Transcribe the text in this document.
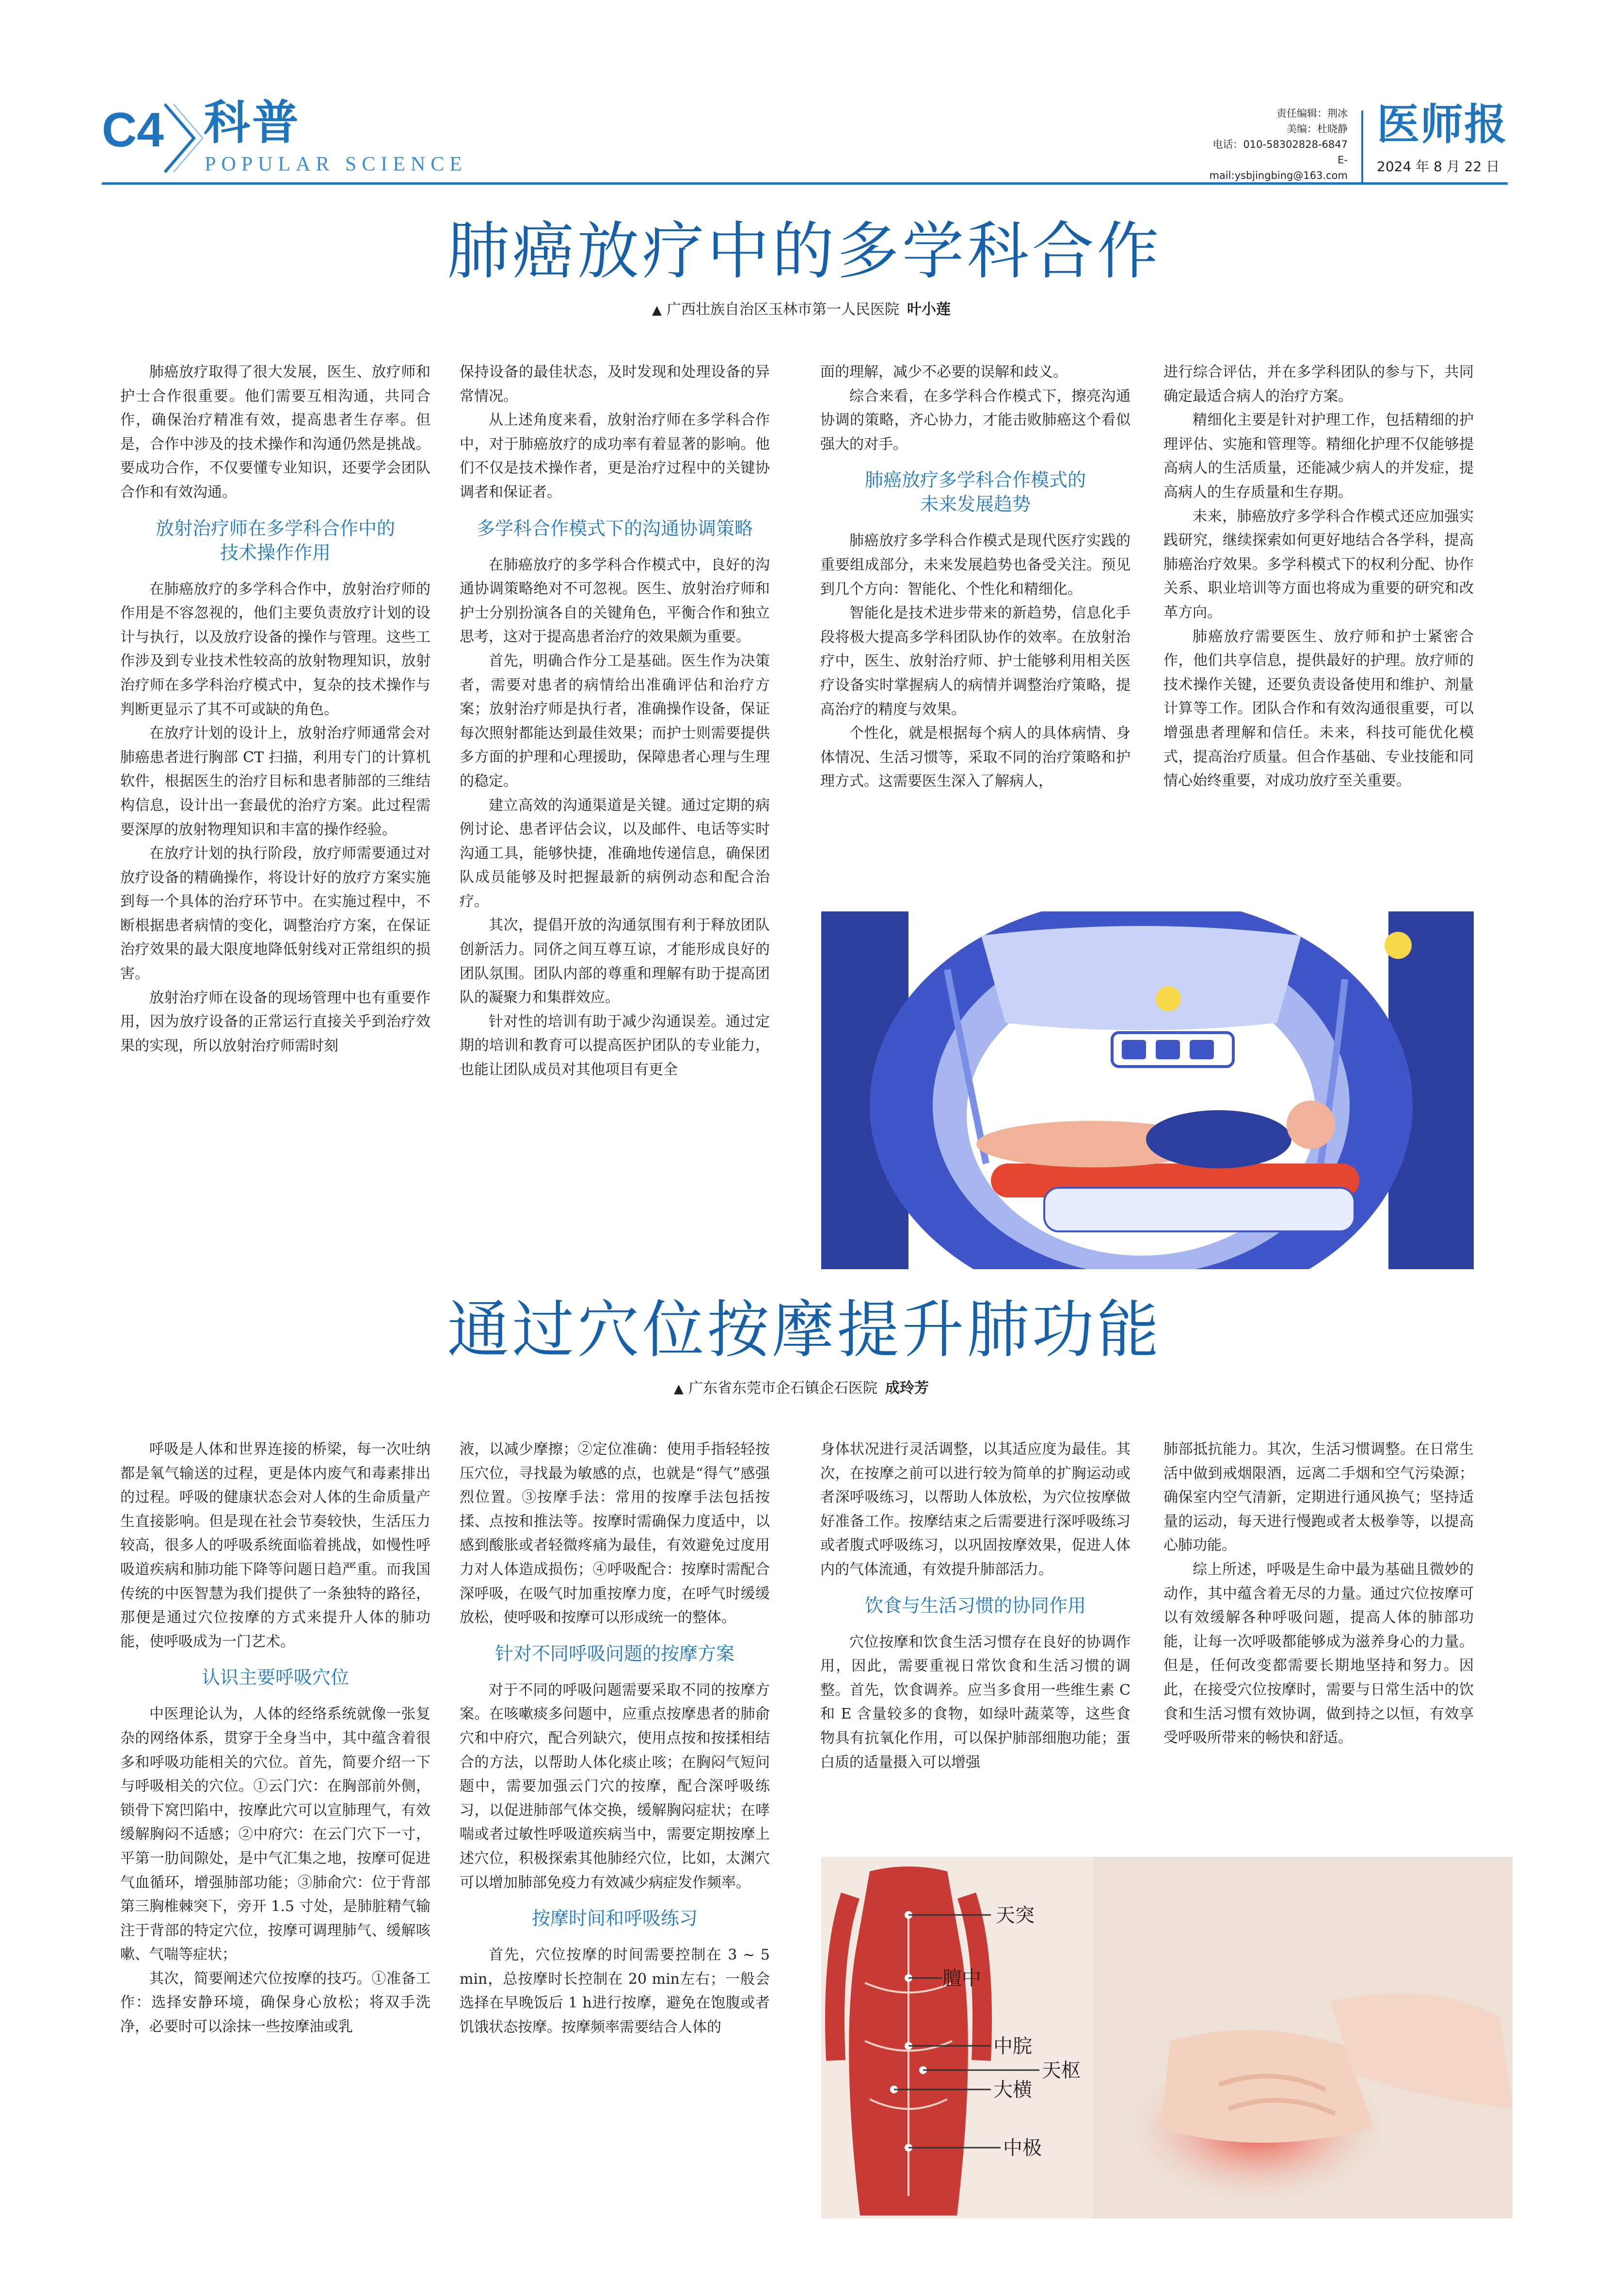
C4 科普
POPULAR SCIENCE
责任编辑：荆冰
美编：杜晓静
电话：010-58302828-6847
E-mail:ysbjingbing@163.com
医师报
2024 年 8 月 22 日
肺癌放疗中的多学科合作
▲ 广西壮族自治区玉林市第一人民医院 叶小莲

肺癌放疗取得了很大发展，医生、放疗师和护士合作很重要。他们需要互相沟通，共同合作，确保治疗精准有效，提高患者生存率。但是，合作中涉及的技术操作和沟通仍然是挑战。要成功合作，不仅要懂专业知识，还要学会团队合作和有效沟通。

放射治疗师在多学科合作中的
技术操作作用

在肺癌放疗的多学科合作中，放射治疗师的作用是不容忽视的，他们主要负责放疗计划的设计与执行，以及放疗设备的操作与管理。这些工作涉及到专业技术性较高的放射物理知识，放射治疗师在多学科治疗模式中，复杂的技术操作与判断更显示了其不可或缺的角色。

在放疗计划的设计上，放射治疗师通常会对肺癌患者进行胸部 CT 扫描，利用专门的计算机软件，根据医生的治疗目标和患者肺部的三维结构信息，设计出一套最优的治疗方案。此过程需要深厚的放射物理知识和丰富的操作经验。

在放疗计划的执行阶段，放疗师需要通过对放疗设备的精确操作，将设计好的放疗方案实施到每一个具体的治疗环节中。在实施过程中，不断根据患者病情的变化，调整治疗方案，在保证治疗效果的最大限度地降低射线对正常组织的损害。

放射治疗师在设备的现场管理中也有重要作用，因为放疗设备的正常运行直接关乎到治疗效果的实现，所以放射治疗师需时刻

保持设备的最佳状态，及时发现和处理设备的异常情况。

从上述角度来看，放射治疗师在多学科合作中，对于肺癌放疗的成功率有着显著的影响。他们不仅是技术操作者，更是治疗过程中的关键协调者和保证者。

多学科合作模式下的沟通协调策略

在肺癌放疗的多学科合作模式中，良好的沟通协调策略绝对不可忽视。医生、放射治疗师和护士分别扮演各自的关键角色，平衡合作和独立思考，这对于提高患者治疗的效果颇为重要。

首先，明确合作分工是基础。医生作为决策者，需要对患者的病情给出准确评估和治疗方案；放射治疗师是执行者，准确操作设备，保证每次照射都能达到最佳效果；而护士则需要提供多方面的护理和心理援助，保障患者心理与生理的稳定。

建立高效的沟通渠道是关键。通过定期的病例讨论、患者评估会议，以及邮件、电话等实时沟通工具，能够快捷，准确地传递信息，确保团队成员能够及时把握最新的病例动态和配合治疗。

其次，提倡开放的沟通氛围有利于释放团队创新活力。同侪之间互尊互谅，才能形成良好的团队氛围。团队内部的尊重和理解有助于提高团队的凝聚力和集群效应。

针对性的培训有助于减少沟通误差。通过定期的培训和教育可以提高医护团队的专业能力，也能让团队成员对其他项目有更全

面的理解，减少不必要的误解和歧义。

综合来看，在多学科合作模式下，擦亮沟通协调的策略，齐心协力，才能击败肺癌这个看似强大的对手。

肺癌放疗多学科合作模式的
未来发展趋势

肺癌放疗多学科合作模式是现代医疗实践的重要组成部分，未来发展趋势也备受关注。预见到几个方向：智能化、个性化和精细化。

智能化是技术进步带来的新趋势，信息化手段将极大提高多学科团队协作的效率。在放射治疗中，医生、放射治疗师、护士能够利用相关医疗设备实时掌握病人的病情并调整治疗策略，提高治疗的精度与效果。

个性化，就是根据每个病人的具体病情、身体情况、生活习惯等，采取不同的治疗策略和护理方式。这需要医生深入了解病人，

进行综合评估，并在多学科团队的参与下，共同确定最适合病人的治疗方案。

精细化主要是针对护理工作，包括精细的护理评估、实施和管理等。精细化护理不仅能够提高病人的生活质量，还能减少病人的并发症，提高病人的生存质量和生存期。

未来，肺癌放疗多学科合作模式还应加强实践研究，继续探索如何更好地结合各学科，提高肺癌治疗效果。多学科模式下的权利分配、协作关系、职业培训等方面也将成为重要的研究和改革方向。

肺癌放疗需要医生、放疗师和护士紧密合作，他们共享信息，提供最好的护理。放疗师的技术操作关键，还要负责设备使用和维护、剂量计算等工作。团队合作和有效沟通很重要，可以增强患者理解和信任。未来，科技可能优化模式，提高治疗质量。但合作基础、专业技能和同情心始终重要，对成功放疗至关重要。

通过穴位按摩提升肺功能
▲ 广东省东莞市企石镇企石医院 成玲芳

呼吸是人体和世界连接的桥梁，每一次吐纳都是氧气输送的过程，更是体内废气和毒素排出的过程。呼吸的健康状态会对人体的生命质量产生直接影响。但是现在社会节奏较快，生活压力较高，很多人的呼吸系统面临着挑战，如慢性呼吸道疾病和肺功能下降等问题日趋严重。而我国传统的中医智慧为我们提供了一条独特的路径，那便是通过穴位按摩的方式来提升人体的肺功能，使呼吸成为一门艺术。

认识主要呼吸穴位

中医理论认为，人体的经络系统就像一张复杂的网络体系，贯穿于全身当中，其中蕴含着很多和呼吸功能相关的穴位。首先，简要介绍一下与呼吸相关的穴位。①云门穴：在胸部前外侧，锁骨下窝凹陷中，按摩此穴可以宣肺理气，有效缓解胸闷不适感；②中府穴：在云门穴下一寸，平第一肋间隙处，是中气汇集之地，按摩可促进气血循环，增强肺部功能；③肺俞穴：位于背部第三胸椎棘突下，旁开 1.5 寸处，是肺脏精气输注于背部的特定穴位，按摩可调理肺气、缓解咳嗽、气喘等症状；

其次，简要阐述穴位按摩的技巧。①准备工作：选择安静环境，确保身心放松；将双手洗净，必要时可以涂抹一些按摩油或乳

液，以减少摩擦；②定位准确：使用手指轻轻按压穴位，寻找最为敏感的点，也就是“得气”感强烈位置。③按摩手法：常用的按摩手法包括按揉、点按和推法等。按摩时需确保力度适中，以感到酸胀或者轻微疼痛为最佳，有效避免过度用力对人体造成损伤；④呼吸配合：按摩时需配合深呼吸，在吸气时加重按摩力度，在呼气时缓缓放松，使呼吸和按摩可以形成统一的整体。

针对不同呼吸问题的按摩方案

对于不同的呼吸问题需要采取不同的按摩方案。在咳嗽痰多问题中，应重点按摩患者的肺俞穴和中府穴，配合列缺穴，使用点按和按揉相结合的方法，以帮助人体化痰止咳；在胸闷气短问题中，需要加强云门穴的按摩，配合深呼吸练习，以促进肺部气体交换，缓解胸闷症状；在哮喘或者过敏性呼吸道疾病当中，需要定期按摩上述穴位，积极探索其他肺经穴位，比如，太渊穴可以增加肺部免疫力有效减少病症发作频率。

按摩时间和呼吸练习

首先，穴位按摩的时间需要控制在 3 ~ 5 min，总按摩时长控制在 20 min左右；一般会选择在早晚饭后 1 h进行按摩，避免在饱腹或者饥饿状态按摩。按摩频率需要结合人体的

身体状况进行灵活调整，以其适应度为最佳。其次，在按摩之前可以进行较为简单的扩胸运动或者深呼吸练习，以帮助人体放松，为穴位按摩做好准备工作。按摩结束之后需要进行深呼吸练习或者腹式呼吸练习，以巩固按摩效果，促进人体内的气体流通，有效提升肺部活力。

饮食与生活习惯的协同作用

穴位按摩和饮食生活习惯存在良好的协调作用，因此，需要重视日常饮食和生活习惯的调整。首先，饮食调养。应当多食用一些维生素 C 和 E 含量较多的食物，如绿叶蔬菜等，这些食物具有抗氧化作用，可以保护肺部细胞功能；蛋白质的适量摄入可以增强

肺部抵抗能力。其次，生活习惯调整。在日常生活中做到戒烟限酒，远离二手烟和空气污染源；确保室内空气清新，定期进行通风换气；坚持适量的运动，每天进行慢跑或者太极拳等，以提高心肺功能。

综上所述，呼吸是生命中最为基础且微妙的动作，其中蕴含着无尽的力量。通过穴位按摩可以有效缓解各种呼吸问题，提高人体的肺部功能，让每一次呼吸都能够成为滋养身心的力量。但是，任何改变都需要长期地坚持和努力。因此，在接受穴位按摩时，需要与日常生活中的饮食和生活习惯有效协调，做到持之以恒，有效享受呼吸所带来的畅快和舒适。

天突
膻中
中脘
天枢
大横
中极
